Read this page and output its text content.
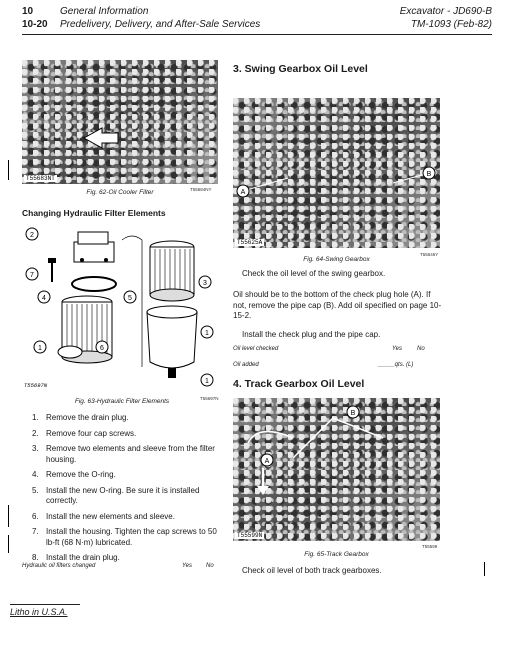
10	General Information
10-20 Predelivery, Delivery, and After-Sale Services
Excavator - JD690-B
TM-1093 (Feb-82)
T55683NT
T55684NY
Fig. 62-Oil Cooler Filter
Changing Hydraulic Filter Elements
2
7
4	5
3
6
1
1
1
T55697N
T55697N
Fig. 63-Hydraulic Filter Elements
1. Remove the drain plug.
2. Remove four cap screws.
3. Remove two elements and sleeve from the filter housing.
4. Remove the O-ring.
5. Install the new O-ring. Be sure it is installed correctly.
6. Install the new elements and sleeve.
7. Install the housing. Tighten the cap screws to 50 lb-ft (68 N·m) lubricated.
8. Install the drain plug.
Hydraulic oil filters changed	Yes No
3. Swing Gearbox Oil Level
A
B
T55625A
T55646Y
Fig. 64-Swing Gearbox
Check the oil level of the swing gearbox.
Oil should be to the bottom of the check plug hole (A). If not, remove the pipe cap (B). Add oil specified on page 10-15-2.
Install the check plug and the pipe cap.
Oil level checked	Yes No
Oil added	_____qts. (L)
4. Track Gearbox Oil Level
A
B
T55599N
T55599
Fig. 65-Track Gearbox
Check oil level of both track gearboxes.
Litho in U.S.A.
